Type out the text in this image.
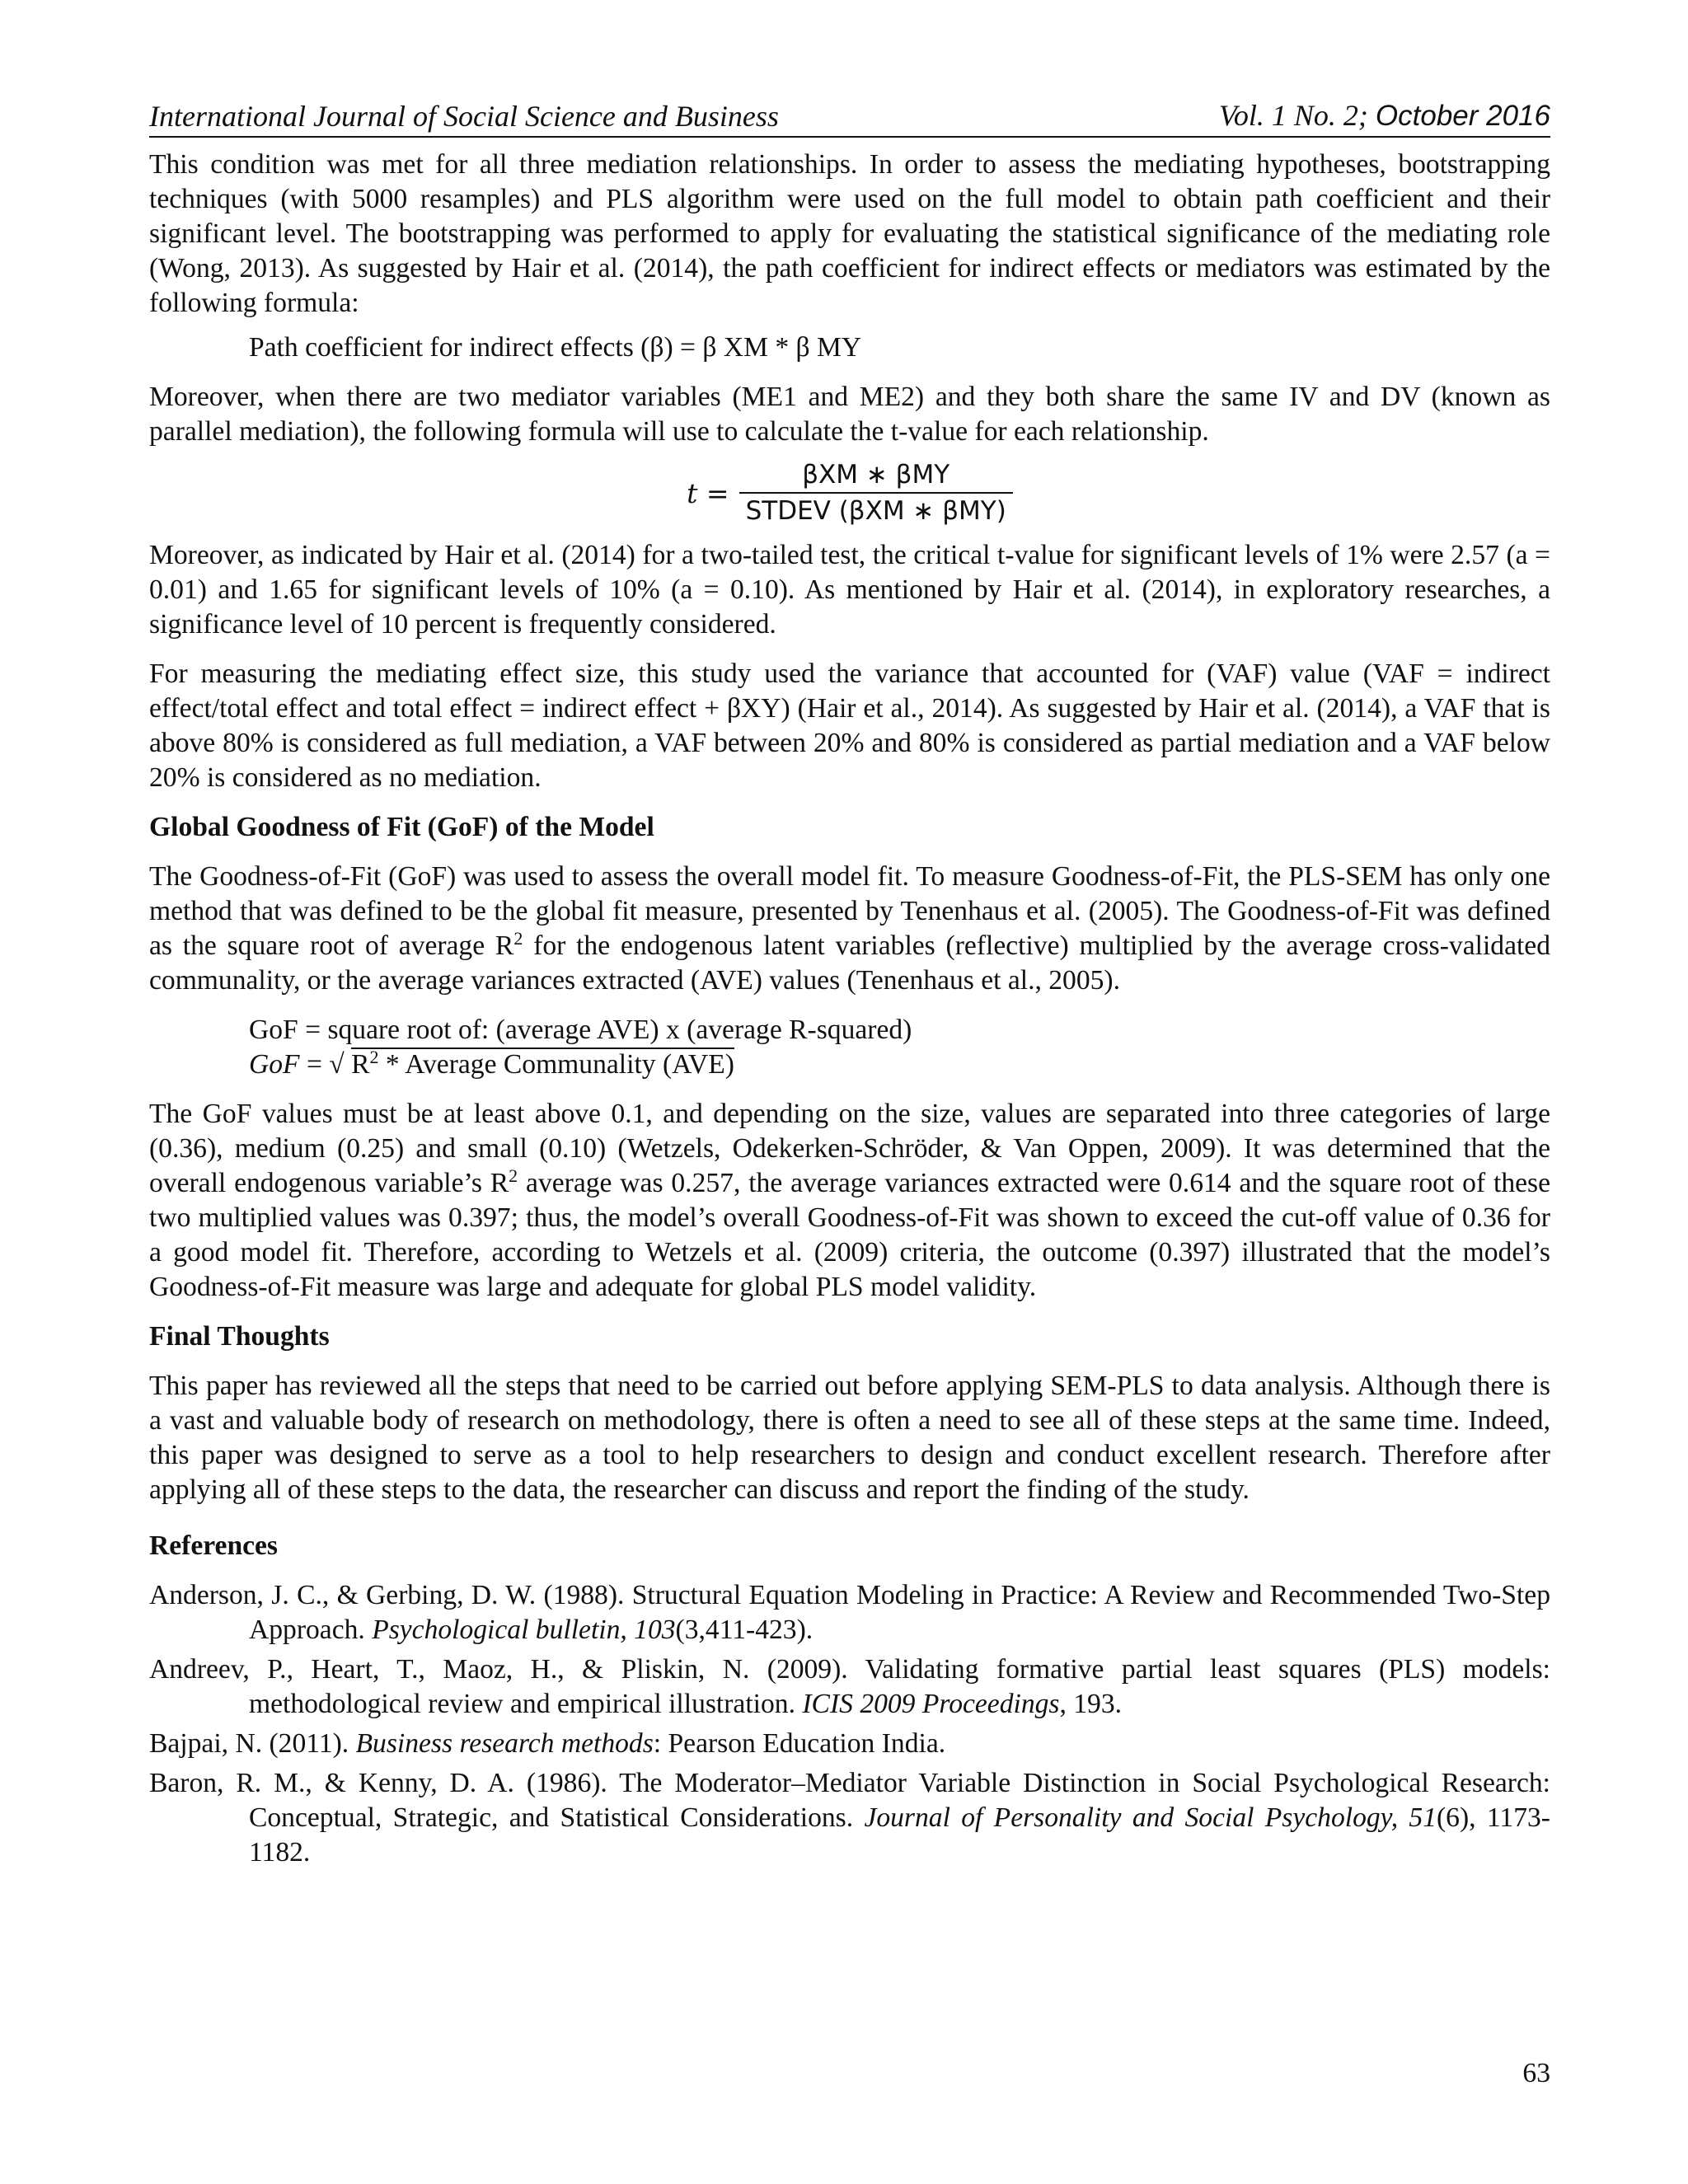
International Journal of Social Science and Business	Vol. 1 No. 2; October 2016

This condition was met for all three mediation relationships. In order to assess the mediating hypotheses, bootstrapping techniques (with 5000 resamples) and PLS algorithm were used on the full model to obtain path coefficient and their significant level. The bootstrapping was performed to apply for evaluating the statistical significance of the mediating role (Wong, 2013). As suggested by Hair et al. (2014), the path coefficient for indirect effects or mediators was estimated by the following formula:

Path coefficient for indirect effects (β) = β XM * β MY

Moreover, when there are two mediator variables (ME1 and ME2) and they both share the same IV and DV (known as parallel mediation), the following formula will use to calculate the t-value for each relationship.

$t = \frac{\text{βXM ∗ βMY}}{\text{STDEV (βXM ∗ βMY)}}$

Moreover, as indicated by Hair et al. (2014) for a two-tailed test, the critical t-value for significant levels of 1% were 2.57 (a = 0.01) and 1.65 for significant levels of 10% (a = 0.10). As mentioned by Hair et al. (2014), in exploratory researches, a significance level of 10 percent is frequently considered.

For measuring the mediating effect size, this study used the variance that accounted for (VAF) value (VAF = indirect effect/total effect and total effect = indirect effect + βXY) (Hair et al., 2014). As suggested by Hair et al. (2014), a VAF that is above 80% is considered as full mediation, a VAF between 20% and 80% is considered as partial mediation and a VAF below 20% is considered as no mediation.

Global Goodness of Fit (GoF) of the Model

The Goodness-of-Fit (GoF) was used to assess the overall model fit. To measure Goodness-of-Fit, the PLS-SEM has only one method that was defined to be the global fit measure, presented by Tenenhaus et al. (2005). The Goodness-of-Fit was defined as the square root of average $R^2$ for the endogenous latent variables (reflective) multiplied by the average cross-validated communality, or the average variances extracted (AVE) values (Tenenhaus et al., 2005).

GoF = square root of: (average AVE) x (average R-squared)
GoF = √ $R^2$ * Average Communality (AVE)

The GoF values must be at least above 0.1, and depending on the size, values are separated into three categories of large (0.36), medium (0.25) and small (0.10) (Wetzels, Odekerken-Schröder, & Van Oppen, 2009). It was determined that the overall endogenous variable’s $R^2$ average was 0.257, the average variances extracted were 0.614 and the square root of these two multiplied values was 0.397; thus, the model’s overall Goodness-of-Fit was shown to exceed the cut-off value of 0.36 for a good model fit. Therefore, according to Wetzels et al. (2009) criteria, the outcome (0.397) illustrated that the model’s Goodness-of-Fit measure was large and adequate for global PLS model validity.

Final Thoughts

This paper has reviewed all the steps that need to be carried out before applying SEM-PLS to data analysis. Although there is a vast and valuable body of research on methodology, there is often a need to see all of these steps at the same time. Indeed, this paper was designed to serve as a tool to help researchers to design and conduct excellent research. Therefore after applying all of these steps to the data, the researcher can discuss and report the finding of the study.

References

Anderson, J. C., & Gerbing, D. W. (1988). Structural Equation Modeling in Practice: A Review and Recommended Two-Step Approach. Psychological bulletin, 103(3,411-423).

Andreev, P., Heart, T., Maoz, H., & Pliskin, N. (2009). Validating formative partial least squares (PLS) models: methodological review and empirical illustration. ICIS 2009 Proceedings, 193.

Bajpai, N. (2011). Business research methods: Pearson Education India.

Baron, R. M., & Kenny, D. A. (1986). The Moderator–Mediator Variable Distinction in Social Psychological Research: Conceptual, Strategic, and Statistical Considerations. Journal of Personality and Social Psychology, 51(6), 1173- 1182.

63
